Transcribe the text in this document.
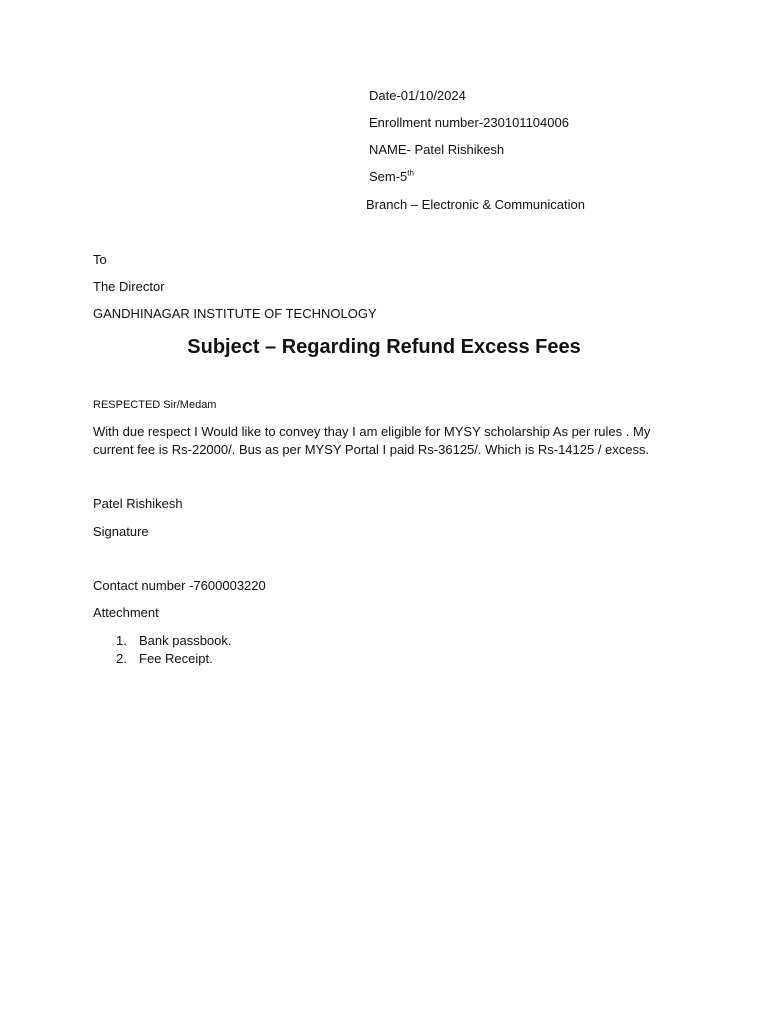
Date-01/10/2024
Enrollment number-230101104006
NAME- Patel Rishikesh
Sem-5th
Branch – Electronic & Communication
To
The Director
GANDHINAGAR INSTITUTE OF TECHNOLOGY
Subject – Regarding Refund Excess Fees
RESPECTED Sir/Medam
With due respect I Would like to convey thay I am eligible for MYSY scholarship As per rules . My current fee is Rs-22000/. Bus as per MYSY Portal I paid Rs-36125/. Which is Rs-14125 / excess.
Patel Rishikesh
Signature
Contact number -7600003220
Attechment
1. Bank passbook.
2. Fee Receipt.
